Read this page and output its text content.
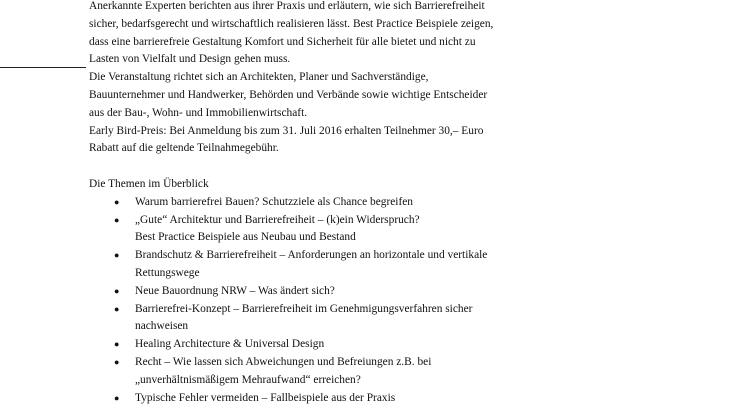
Anerkannte Experten berichten aus ihrer Praxis und erläutern, wie sich Barrierefreiheit
sicher, bedarfsgerecht und wirtschaftlich realisieren lässt. Best Practice Beispiele zeigen,
dass eine barrierefreie Gestaltung Komfort und Sicherheit für alle bietet und nicht zu
Lasten von Vielfalt und Design gehen muss.
Die Veranstaltung richtet sich an Architekten, Planer und Sachverständige,
Bauunternehmer und Handwerker, Behörden und Verbände sowie wichtige Entscheider
aus der Bau-, Wohn- und Immobilienwirtschaft.
Early Bird-Preis: Bei Anmeldung bis zum 31. Juli 2016 erhalten Teilnehmer 30,– Euro
Rabatt auf die geltende Teilnahmegebühr.
Die Themen im Überblick
● Warum barrierefrei Bauen? Schutzziele als Chance begreifen
● „Gute“ Architektur und Barrierefreiheit – (k)ein Widerspruch?
Best Practice Beispiele aus Neubau und Bestand
● Brandschutz & Barrierefreiheit – Anforderungen an horizontale und vertikale
Rettungswege
● Neue Bauordnung NRW – Was ändert sich?
● Barrierefrei-Konzept – Barrierefreiheit im Genehmigungsverfahren sicher
nachweisen
● Healing Architecture & Universal Design
● Recht – Wie lassen sich Abweichungen und Befreiungen z.B. bei
„unverhältnismäßigem Mehraufwand“ erreichen?
● Typische Fehler vermeiden – Fallbeispiele aus der Praxis
